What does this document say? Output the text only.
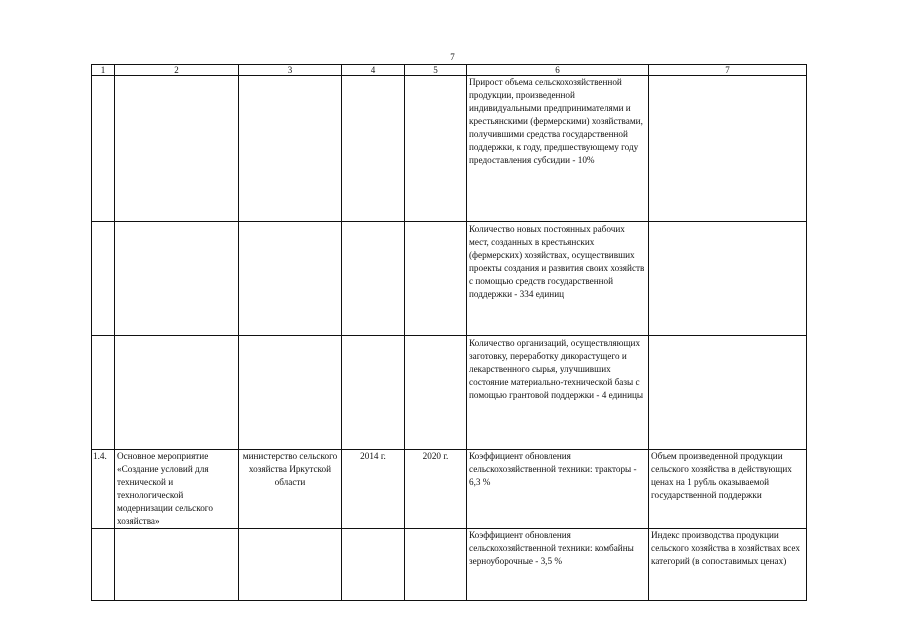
7
1	2	3	4	5	6	7
					Прирост объема сельскохозяйственной продукции, произведенной индивидуальными предпринимателями и крестьянскими (фермерскими) хозяйствами, получившими средства государственной поддержки, к году, предшествующему году предоставления субсидии - 10%	
					Количество новых постоянных рабочих мест, созданных в крестьянских (фермерских) хозяйствах, осуществивших проекты создания и развития своих хозяйств с помощью средств государственной поддержки - 334 единиц	
					Количество организаций, осуществляющих заготовку, переработку дикорастущего и лекарственного сырья, улучшивших состояние материально-технической базы с помощью грантовой поддержки - 4 единицы	
1.4.	Основное мероприятие «Создание условий для технической и технологической модернизации сельского хозяйства»	министерство сельского хозяйства Иркутской области	2014 г.	2020 г.	Коэффициент обновления сельскохозяйственной техники: тракторы - 6,3 %	Объем произведенной продукции сельского хозяйства в действующих ценах на 1 рубль оказываемой государственной поддержки
					Коэффициент обновления сельскохозяйственной техники: комбайны зерноуборочные - 3,5 %	Индекс производства продукции сельского хозяйства в хозяйствах всех категорий (в сопоставимых ценах)
